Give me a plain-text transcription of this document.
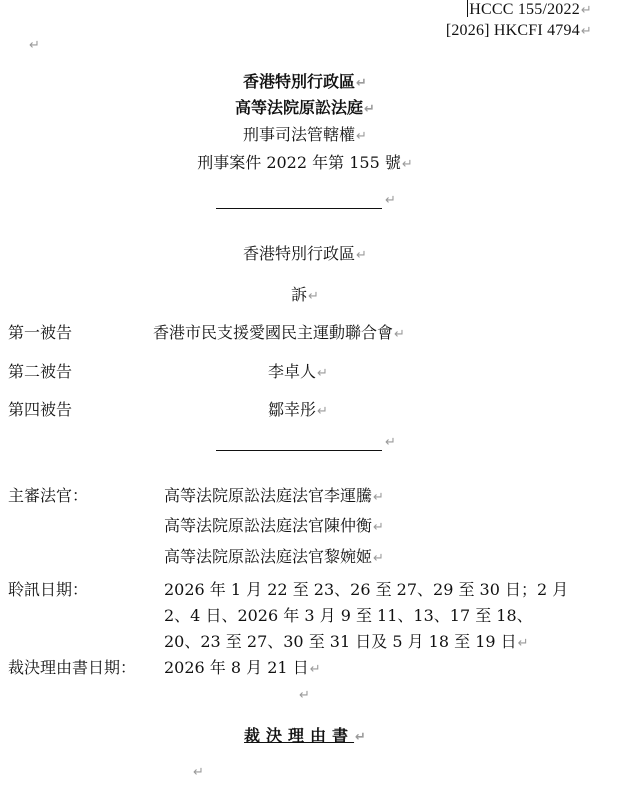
HCCC 155/2022↵
[2026] HKCFI 4794↵
↵
香港特別行政區↵
高等法院原訟法庭↵
刑事司法管轄權↵
刑事案件 2022 年第 155 號↵
↵
香港特別行政區↵
訴↵
第一被告	香港市民支援愛國民主運動聯合會↵
第二被告	李卓人↵
第四被告	鄒幸彤↵
↵
主審法官：	高等法院原訟法庭法官李運騰↵
高等法院原訟法庭法官陳仲衡↵
高等法院原訟法庭法官黎婉姬↵
聆訊日期：	2026 年 1 月 22 至 23、26 至 27、29 至 30 日；2 月
2、4 日、2026 年 3 月 9 至 11、13、17 至 18、
20、23 至 27、30 至 31 日及 5 月 18 至 19 日↵
裁決理由書日期： 2026 年 8 月 21 日↵
↵
裁決理由書↵
↵
